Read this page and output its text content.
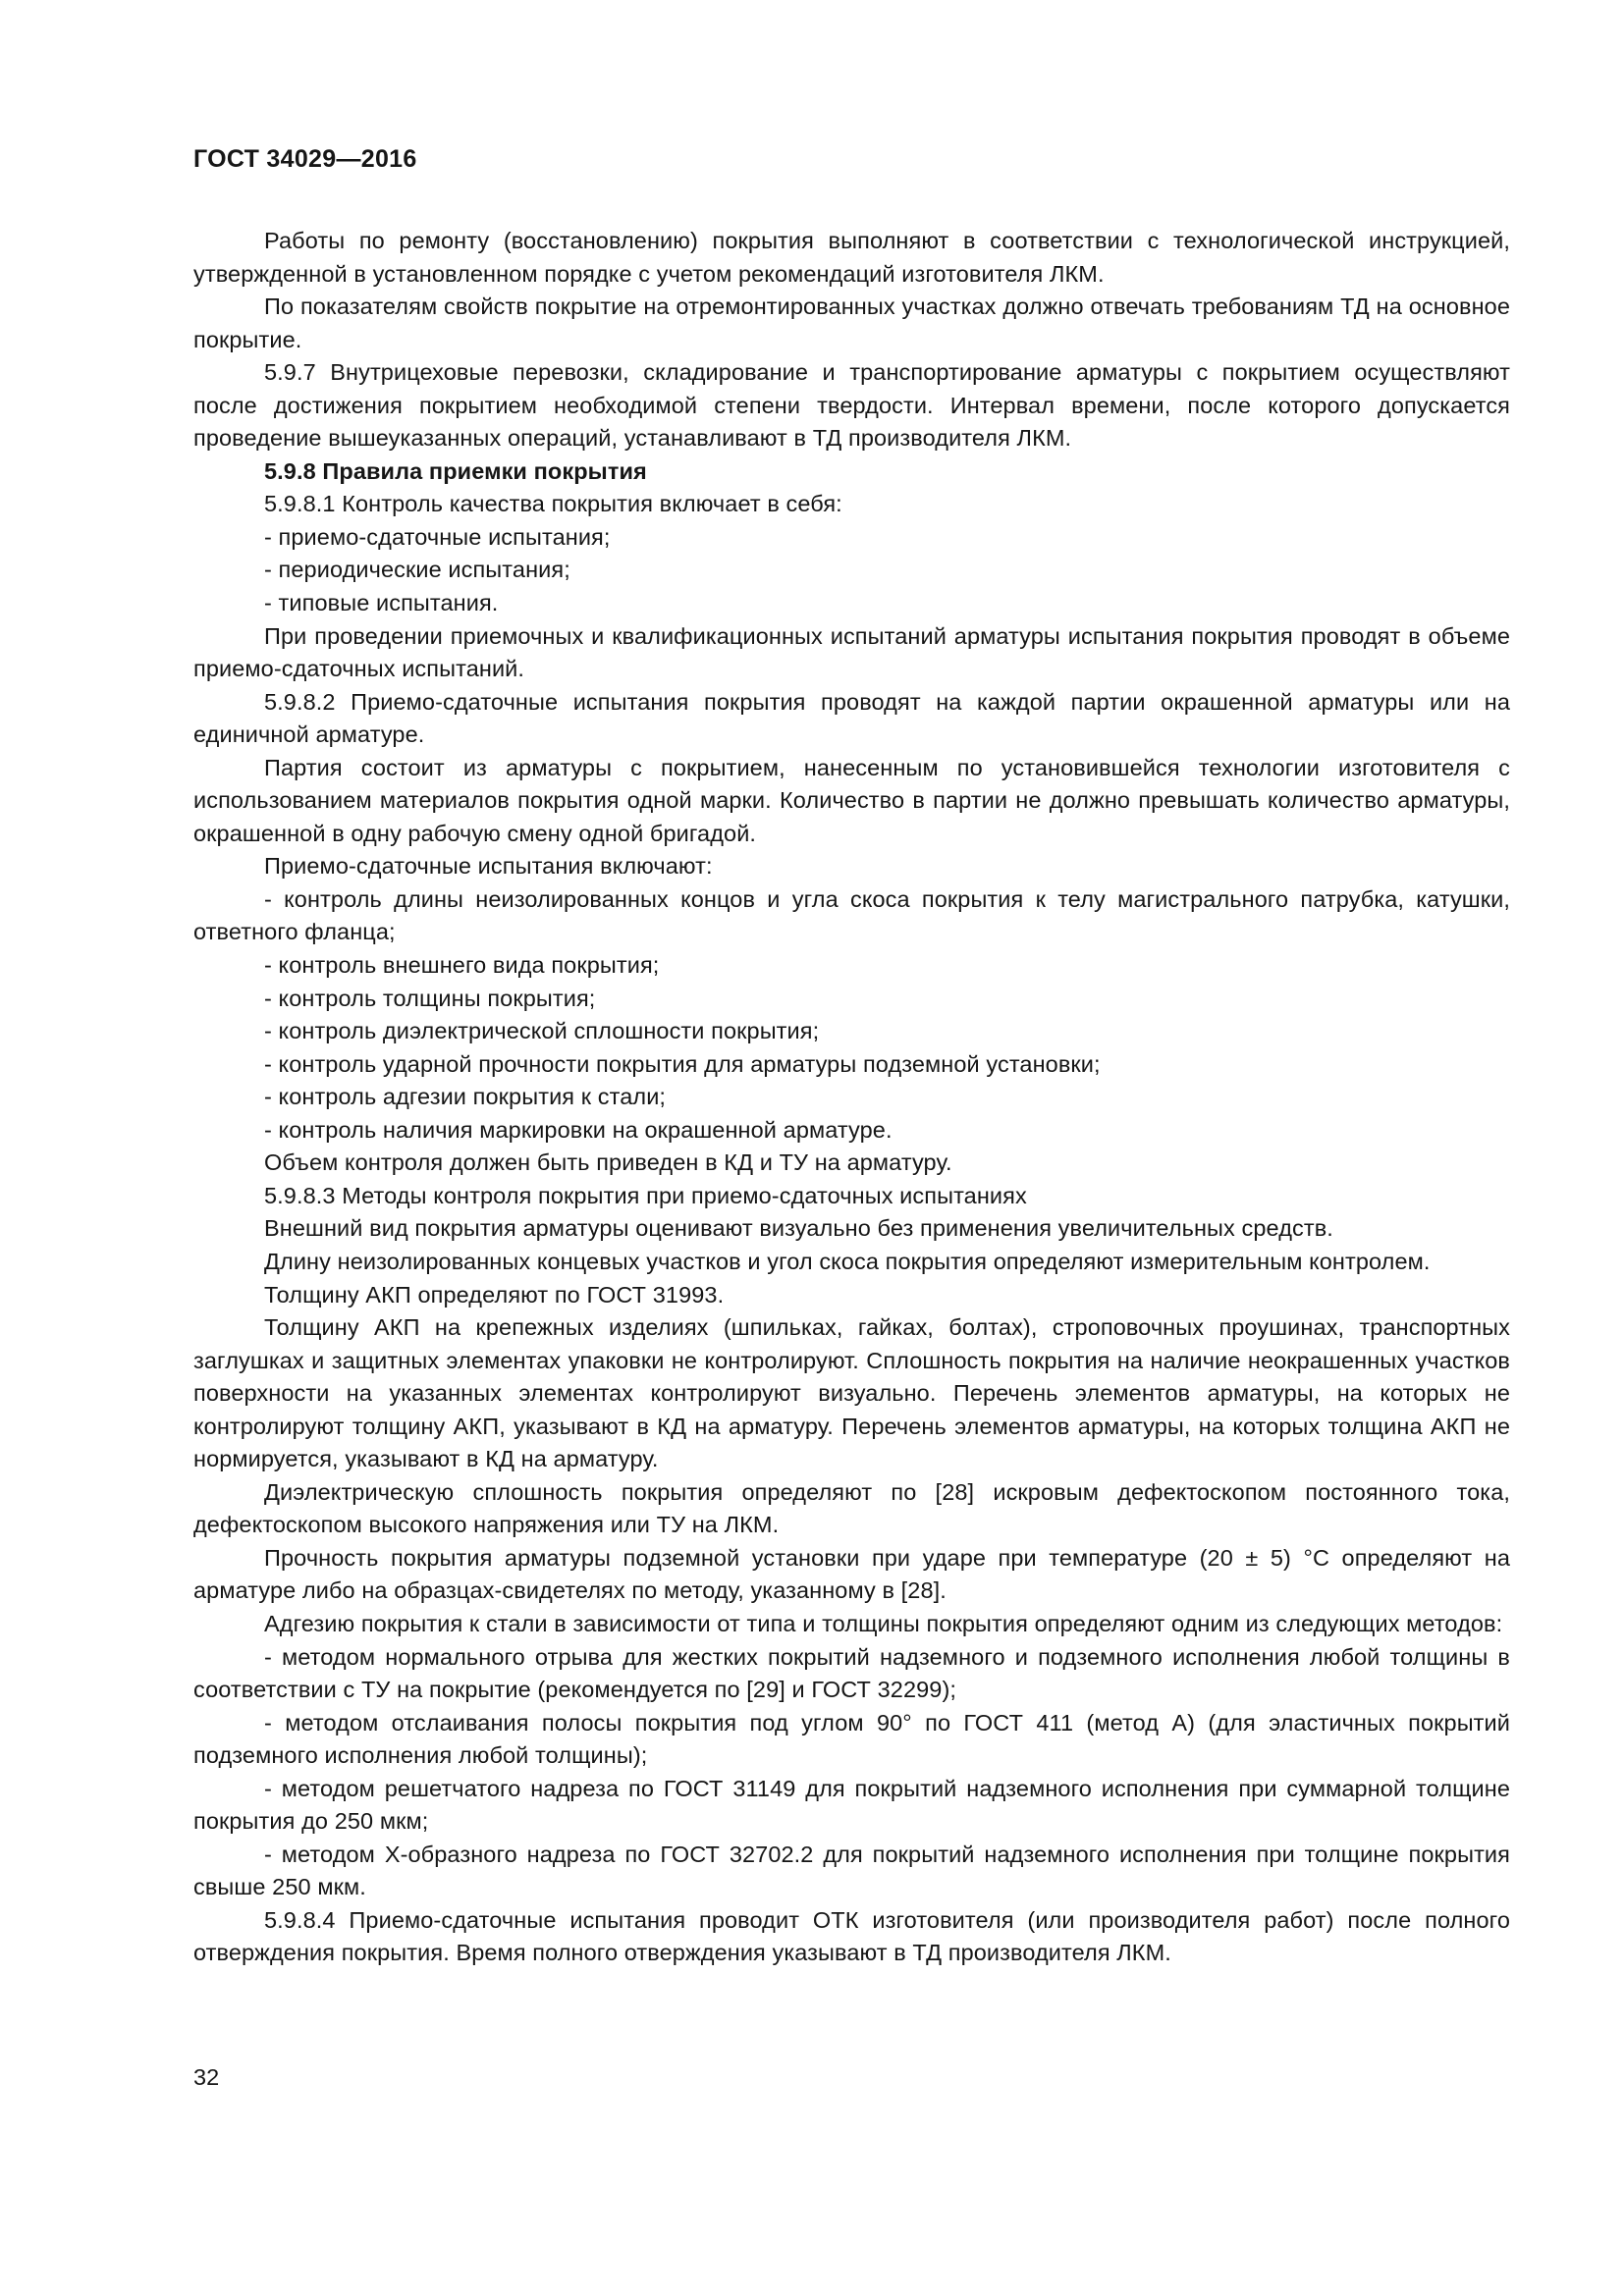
ГОСТ 34029—2016

Работы по ремонту (восстановлению) покрытия выполняют в соответствии с технологической инструкцией, утвержденной в установленном порядке с учетом рекомендаций изготовителя ЛКМ.

По показателям свойств покрытие на отремонтированных участках должно отвечать требованиям ТД на основное покрытие.

5.9.7 Внутрицеховые перевозки, складирование и транспортирование арматуры с покрытием осуществляют после достижения покрытием необходимой степени твердости. Интервал времени, после которого допускается проведение вышеуказанных операций, устанавливают в ТД производителя ЛКМ.

5.9.8 Правила приемки покрытия

5.9.8.1 Контроль качества покрытия включает в себя:

- приемо-сдаточные испытания;

- периодические испытания;

- типовые испытания.

При проведении приемочных и квалификационных испытаний арматуры испытания покрытия проводят в объеме приемо-сдаточных испытаний.

5.9.8.2 Приемо-сдаточные испытания покрытия проводят на каждой партии окрашенной арматуры или на единичной арматуре.

Партия состоит из арматуры с покрытием, нанесенным по установившейся технологии изготовителя с использованием материалов покрытия одной марки. Количество в партии не должно превышать количество арматуры, окрашенной в одну рабочую смену одной бригадой.

Приемо-сдаточные испытания включают:

- контроль длины неизолированных концов и угла скоса покрытия к телу магистрального патрубка, катушки, ответного фланца;

- контроль внешнего вида покрытия;

- контроль толщины покрытия;

- контроль диэлектрической сплошности покрытия;

- контроль ударной прочности покрытия для арматуры подземной установки;

- контроль адгезии покрытия к стали;

- контроль наличия маркировки на окрашенной арматуре.

Объем контроля должен быть приведен в КД и ТУ на арматуру.

5.9.8.3 Методы контроля покрытия при приемо-сдаточных испытаниях

Внешний вид покрытия арматуры оценивают визуально без применения увеличительных средств.

Длину неизолированных концевых участков и угол скоса покрытия определяют измерительным контролем.

Толщину АКП определяют по ГОСТ 31993.

Толщину АКП на крепежных изделиях (шпильках, гайках, болтах), строповочных проушинах, транспортных заглушках и защитных элементах упаковки не контролируют. Сплошность покрытия на наличие неокрашенных участков поверхности на указанных элементах контролируют визуально. Перечень элементов арматуры, на которых не контролируют толщину АКП, указывают в КД на арматуру. Перечень элементов арматуры, на которых толщина АКП не нормируется, указывают в КД на арматуру.

Диэлектрическую сплошность покрытия определяют по [28] искровым дефектоскопом постоянного тока, дефектоскопом высокого напряжения или ТУ на ЛКМ.

Прочность покрытия арматуры подземной установки при ударе при температуре (20 ± 5) °С определяют на арматуре либо на образцах-свидетелях по методу, указанному в [28].

Адгезию покрытия к стали в зависимости от типа и толщины покрытия определяют одним из следующих методов:

- методом нормального отрыва для жестких покрытий надземного и подземного исполнения любой толщины в соответствии с ТУ на покрытие (рекомендуется по [29] и ГОСТ 32299);

- методом отслаивания полосы покрытия под углом 90° по ГОСТ 411 (метод А) (для эластичных покрытий подземного исполнения любой толщины);

- методом решетчатого надреза по ГОСТ 31149 для покрытий надземного исполнения при суммарной толщине покрытия до 250 мкм;

- методом Х-образного надреза по ГОСТ 32702.2 для покрытий надземного исполнения при толщине покрытия свыше 250 мкм.

5.9.8.4 Приемо-сдаточные испытания проводит ОТК изготовителя (или производителя работ) после полного отверждения покрытия. Время полного отверждения указывают в ТД производителя ЛКМ.

32
